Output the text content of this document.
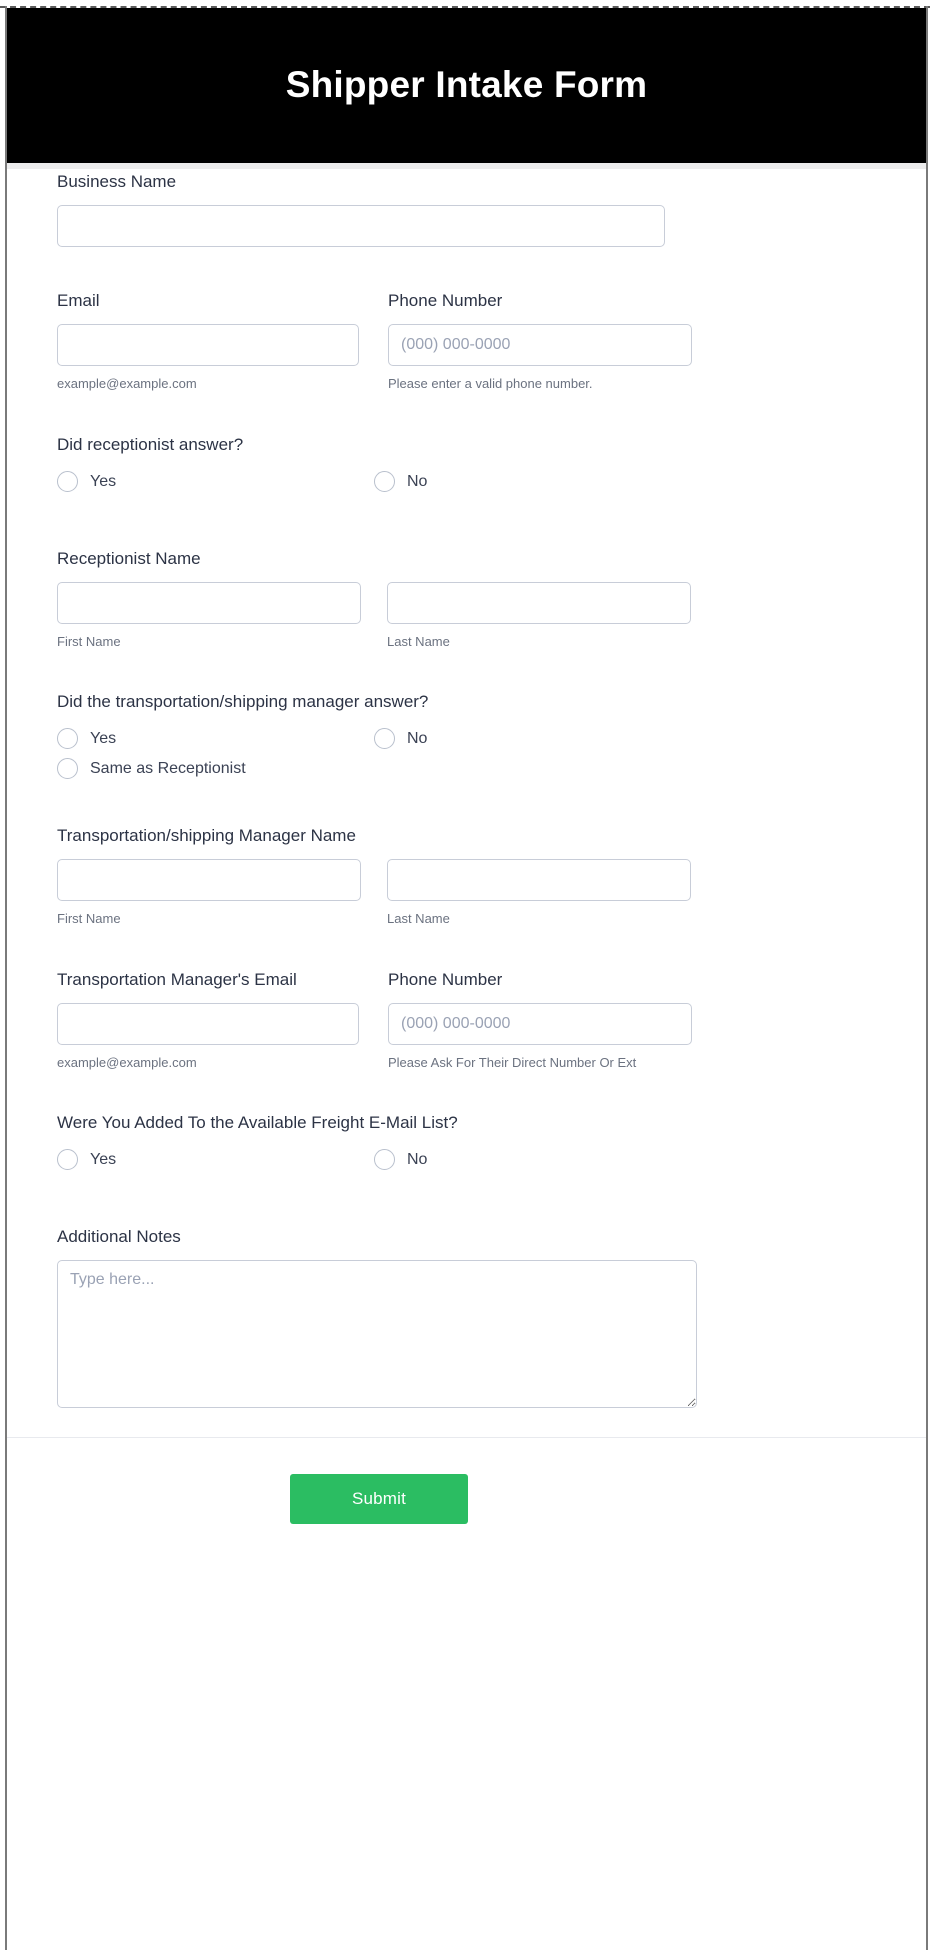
Shipper Intake Form
Business Name
Email
example@example.com
Phone Number
(000) 000-0000
Please enter a valid phone number.
Did receptionist answer?
Yes	No
Receptionist Name
First Name	Last Name
Did the transportation/shipping manager answer?
Yes	No
Same as Receptionist
Transportation/shipping Manager Name
First Name	Last Name
Transportation Manager's Email
example@example.com
Phone Number
(000) 000-0000
Please Ask For Their Direct Number Or Ext
Were You Added To the Available Freight E-Mail List?
Yes	No
Additional Notes
Type here...
Submit
